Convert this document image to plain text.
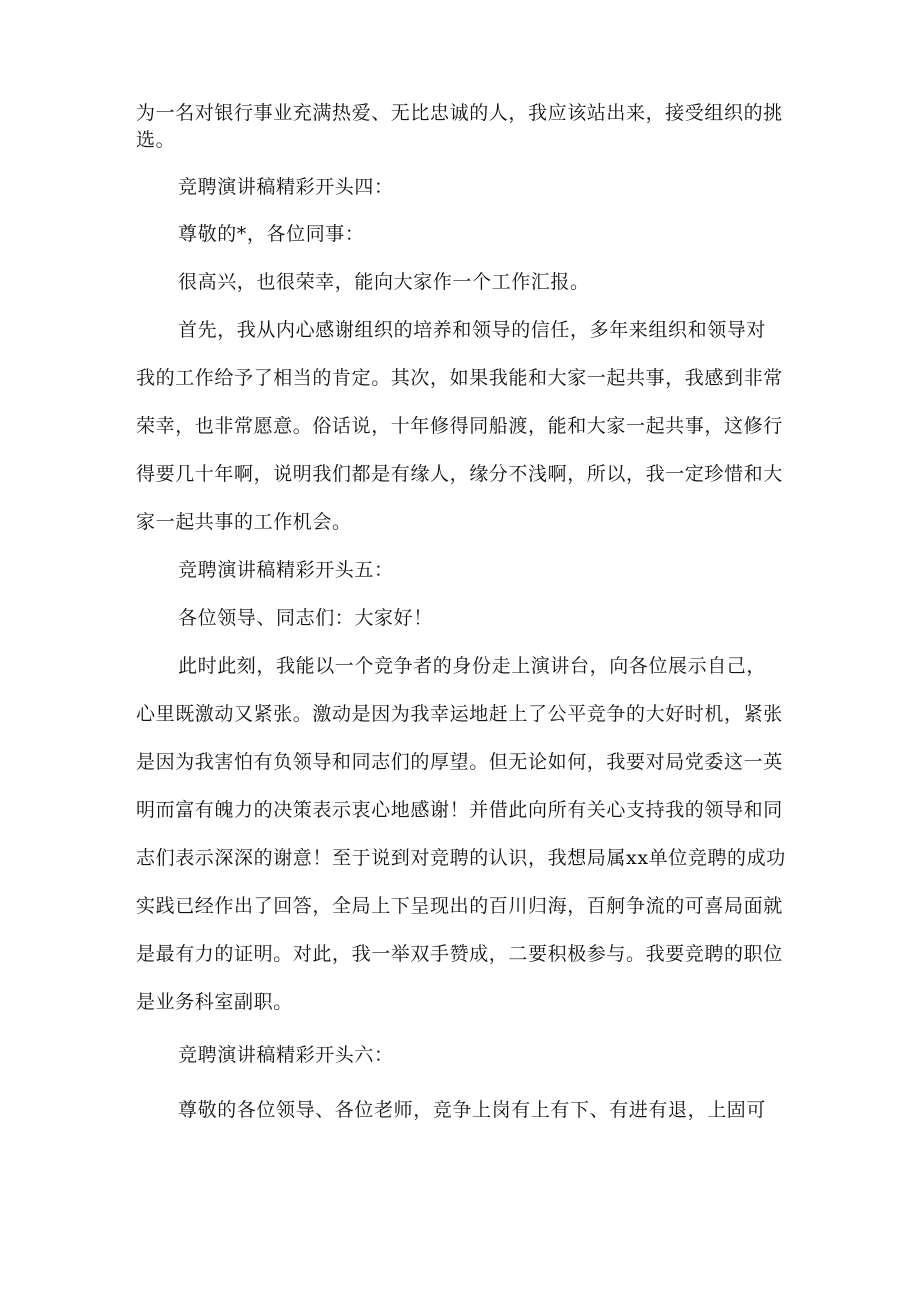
为一名对银行事业充满热爱、无比忠诚的人，我应该站出来，接受组织的挑
选。
竞聘演讲稿精彩开头四：
尊敬的*，各位同事：
很高兴，也很荣幸，能向大家作一个工作汇报。
首先，我从内心感谢组织的培养和领导的信任，多年来组织和领导对
我的工作给予了相当的肯定。其次，如果我能和大家一起共事，我感到非常
荣幸，也非常愿意。俗话说，十年修得同船渡，能和大家一起共事，这修行
得要几十年啊，说明我们都是有缘人，缘分不浅啊，所以，我一定珍惜和大
家一起共事的工作机会。
竞聘演讲稿精彩开头五：
各位领导、同志们：大家好！
此时此刻，我能以一个竞争者的身份走上演讲台，向各位展示自己，
心里既激动又紧张。激动是因为我幸运地赶上了公平竞争的大好时机，紧张
是因为我害怕有负领导和同志们的厚望。但无论如何，我要对局党委这一英
明而富有魄力的决策表示衷心地感谢！并借此向所有关心支持我的领导和同
志们表示深深的谢意！至于说到对竞聘的认识，我想局属xx单位竞聘的成功
实践已经作出了回答，全局上下呈现出的百川归海，百舸争流的可喜局面就
是最有力的证明。对此，我一举双手赞成，二要积极参与。我要竞聘的职位
是业务科室副职。
竞聘演讲稿精彩开头六：
尊敬的各位领导、各位老师，竞争上岗有上有下、有进有退，上固可
